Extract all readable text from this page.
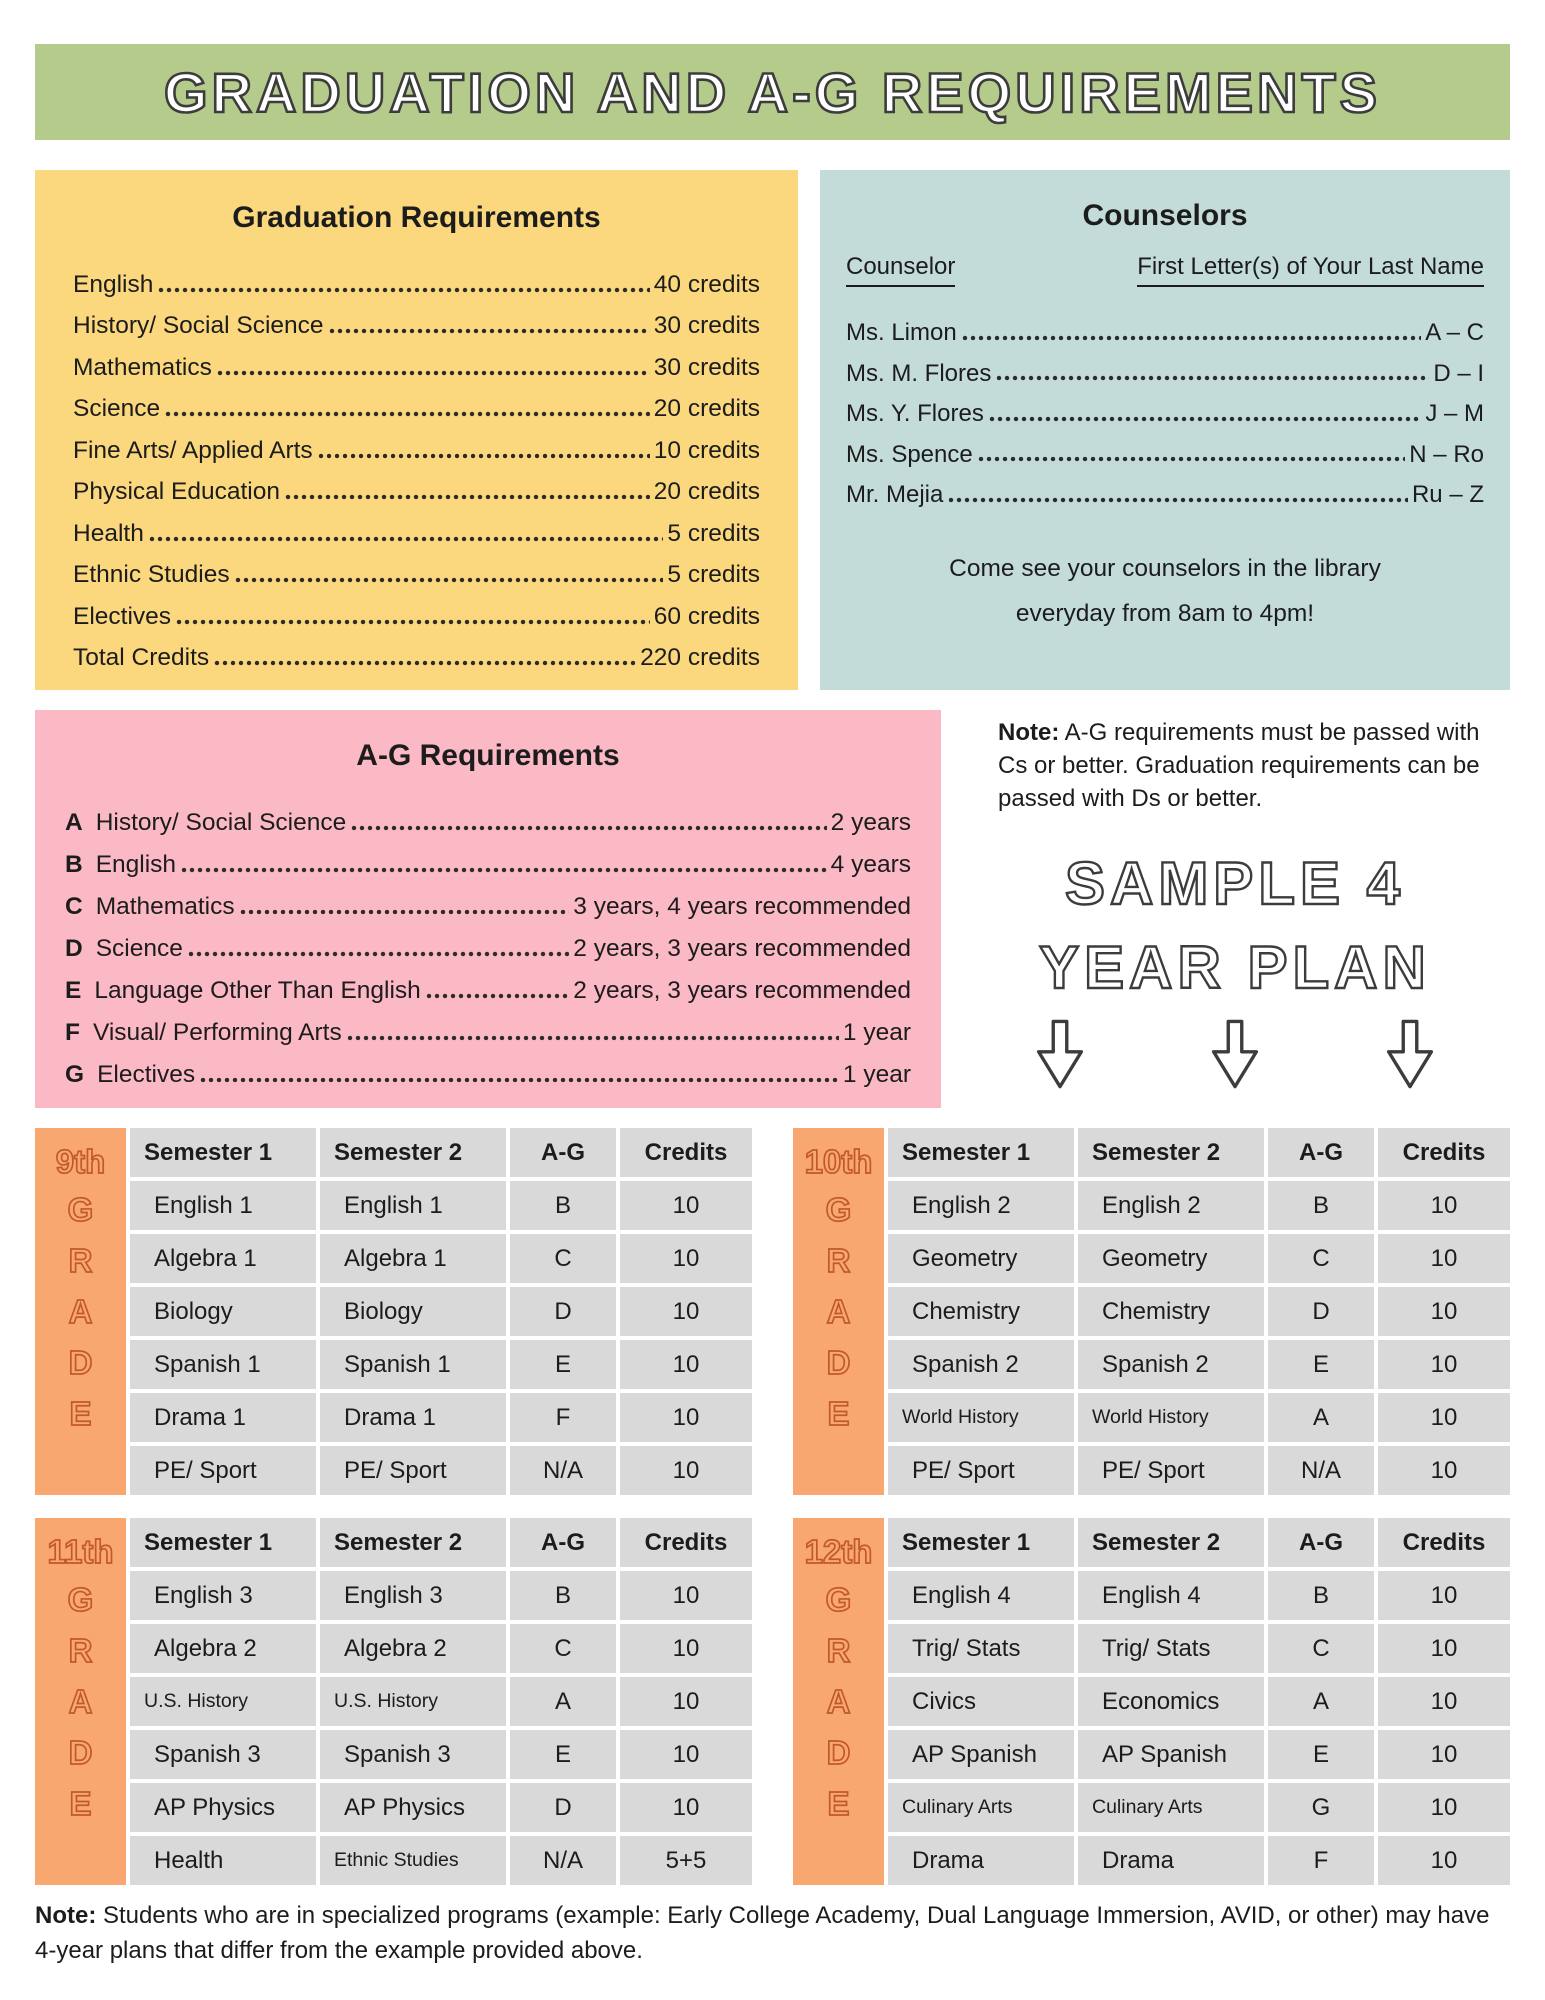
GRADUATION AND A-G REQUIREMENTS
Graduation Requirements
English	40 credits
History/ Social Science	30 credits
Mathematics	30 credits
Science	20 credits
Fine Arts/ Applied Arts	10 credits
Physical Education	20 credits
Health	5 credits
Ethnic Studies	5 credits
Electives	60 credits
Total Credits	220 credits
Counselors
Counselor	First Letter(s) of Your Last Name
Ms. Limon	A – C
Ms. M. Flores	D – I
Ms. Y. Flores	J – M
Ms. Spence	N – Ro
Mr. Mejia	Ru – Z
Come see your counselors in the library
everyday from 8am to 4pm!
A-G Requirements
A History/ Social Science	2 years
B English	4 years
C Mathematics	3 years, 4 years recommended
D Science	2 years, 3 years recommended
E Language Other Than English	2 years, 3 years recommended
F Visual/ Performing Arts	1 year
G Electives	1 year
Note: A-G requirements must be passed with Cs or better. Graduation requirements can be passed with Ds or better.
SAMPLE 4
YEAR PLAN
9th
G
R
A
D
E
Semester 1	Semester 2	A-G	Credits
English 1	English 1	B	10
Algebra 1	Algebra 1	C	10
Biology	Biology	D	10
Spanish 1	Spanish 1	E	10
Drama 1	Drama 1	F	10
PE/ Sport	PE/ Sport	N/A	10
10th
G
R
A
D
E
Semester 1	Semester 2	A-G	Credits
English 2	English 2	B	10
Geometry	Geometry	C	10
Chemistry	Chemistry	D	10
Spanish 2	Spanish 2	E	10
World History	World History	A	10
PE/ Sport	PE/ Sport	N/A	10
11th
G
R
A
D
E
Semester 1	Semester 2	A-G	Credits
English 3	English 3	B	10
Algebra 2	Algebra 2	C	10
U.S. History	U.S. History	A	10
Spanish 3	Spanish 3	E	10
AP Physics	AP Physics	D	10
Health	Ethnic Studies	N/A	5+5
12th
G
R
A
D
E
Semester 1	Semester 2	A-G	Credits
English 4	English 4	B	10
Trig/ Stats	Trig/ Stats	C	10
Civics	Economics	A	10
AP Spanish	AP Spanish	E	10
Culinary Arts	Culinary Arts	G	10
Drama	Drama	F	10
Note: Students who are in specialized programs (example: Early College Academy, Dual Language Immersion, AVID, or other) may have 4-year plans that differ from the example provided above.
